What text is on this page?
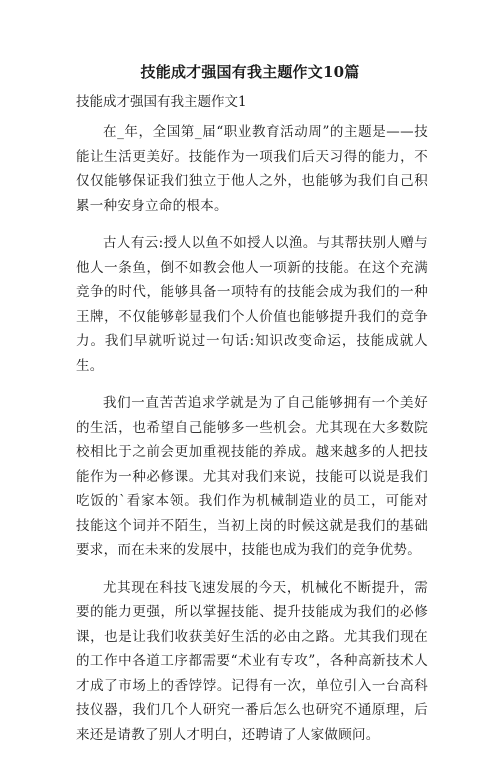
技能成才强国有我主题作文10篇
技能成才强国有我主题作文1

在_年，全国第_届“职业教育活动周”的主题是——技能让生活更美好。技能作为一项我们后天习得的能力，不仅仅能够保证我们独立于他人之外，也能够为我们自己积累一种安身立命的根本。

古人有云:授人以鱼不如授人以渔。与其帮扶别人赠与他人一条鱼，倒不如教会他人一项新的技能。在这个充满竞争的时代，能够具备一项特有的技能会成为我们的一种王牌，不仅能够彰显我们个人价值也能够提升我们的竞争力。我们早就听说过一句话:知识改变命运，技能成就人生。

我们一直苦苦追求学就是为了自己能够拥有一个美好的生活，也希望自己能够多一些机会。尤其现在大多数院校相比于之前会更加重视技能的养成。越来越多的人把技能作为一种必修课。尤其对我们来说，技能可以说是我们吃饭的`看家本领。我们作为机械制造业的员工，可能对技能这个词并不陌生，当初上岗的时候这就是我们的基础要求，而在未来的发展中，技能也成为我们的竞争优势。

尤其现在科技飞速发展的今天，机械化不断提升，需要的能力更强，所以掌握技能、提升技能成为我们的必修课，也是让我们收获美好生活的必由之路。尤其我们现在的工作中各道工序都需要“术业有专攻”，各种高新技术人才成了市场上的香饽饽。记得有一次，单位引入一台高科技仪器，我们几个人研究一番后怎么也研究不通原理，后来还是请教了别人才明白，还聘请了人家做顾问。
